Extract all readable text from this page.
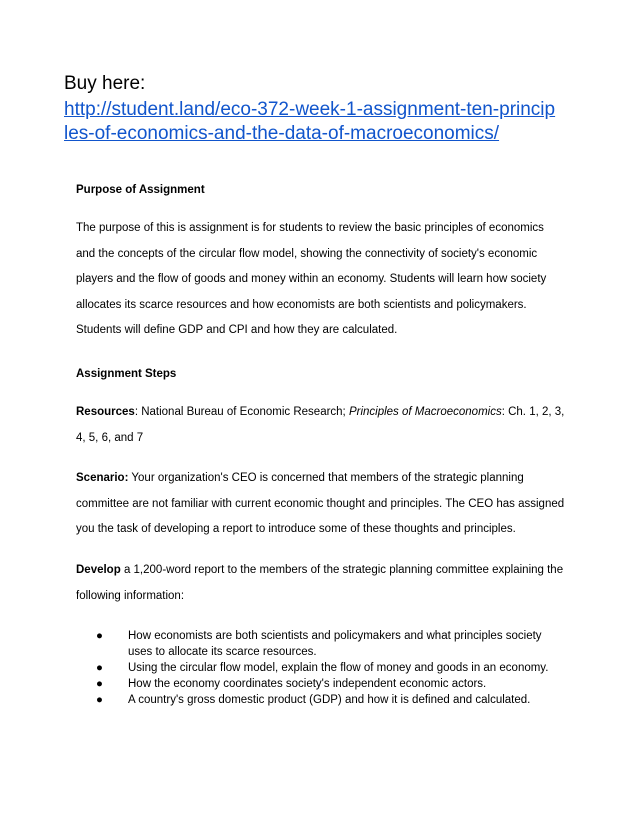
Buy here:
http://student.land/eco-372-week-1-assignment-ten-princip
les-of-economics-and-the-data-of-macroeconomics/
Purpose of Assignment
The purpose of this is assignment is for students to review the basic principles of economics
and the concepts of the circular flow model, showing the connectivity of society's economic
players and the flow of goods and money within an economy. Students will learn how society
allocates its scarce resources and how economists are both scientists and policymakers.
Students will define GDP and CPI and how they are calculated.
Assignment Steps
Resources: National Bureau of Economic Research; Principles of Macroeconomics: Ch. 1, 2, 3,
4, 5, 6, and 7
Scenario: Your organization's CEO is concerned that members of the strategic planning
committee are not familiar with current economic thought and principles. The CEO has assigned
you the task of developing a report to introduce some of these thoughts and principles.
Develop a 1,200-word report to the members of the strategic planning committee explaining the
following information:
● How economists are both scientists and policymakers and what principles society
uses to allocate its scarce resources.
● Using the circular flow model, explain the flow of money and goods in an economy.
● How the economy coordinates society's independent economic actors.
● A country's gross domestic product (GDP) and how it is defined and calculated.
